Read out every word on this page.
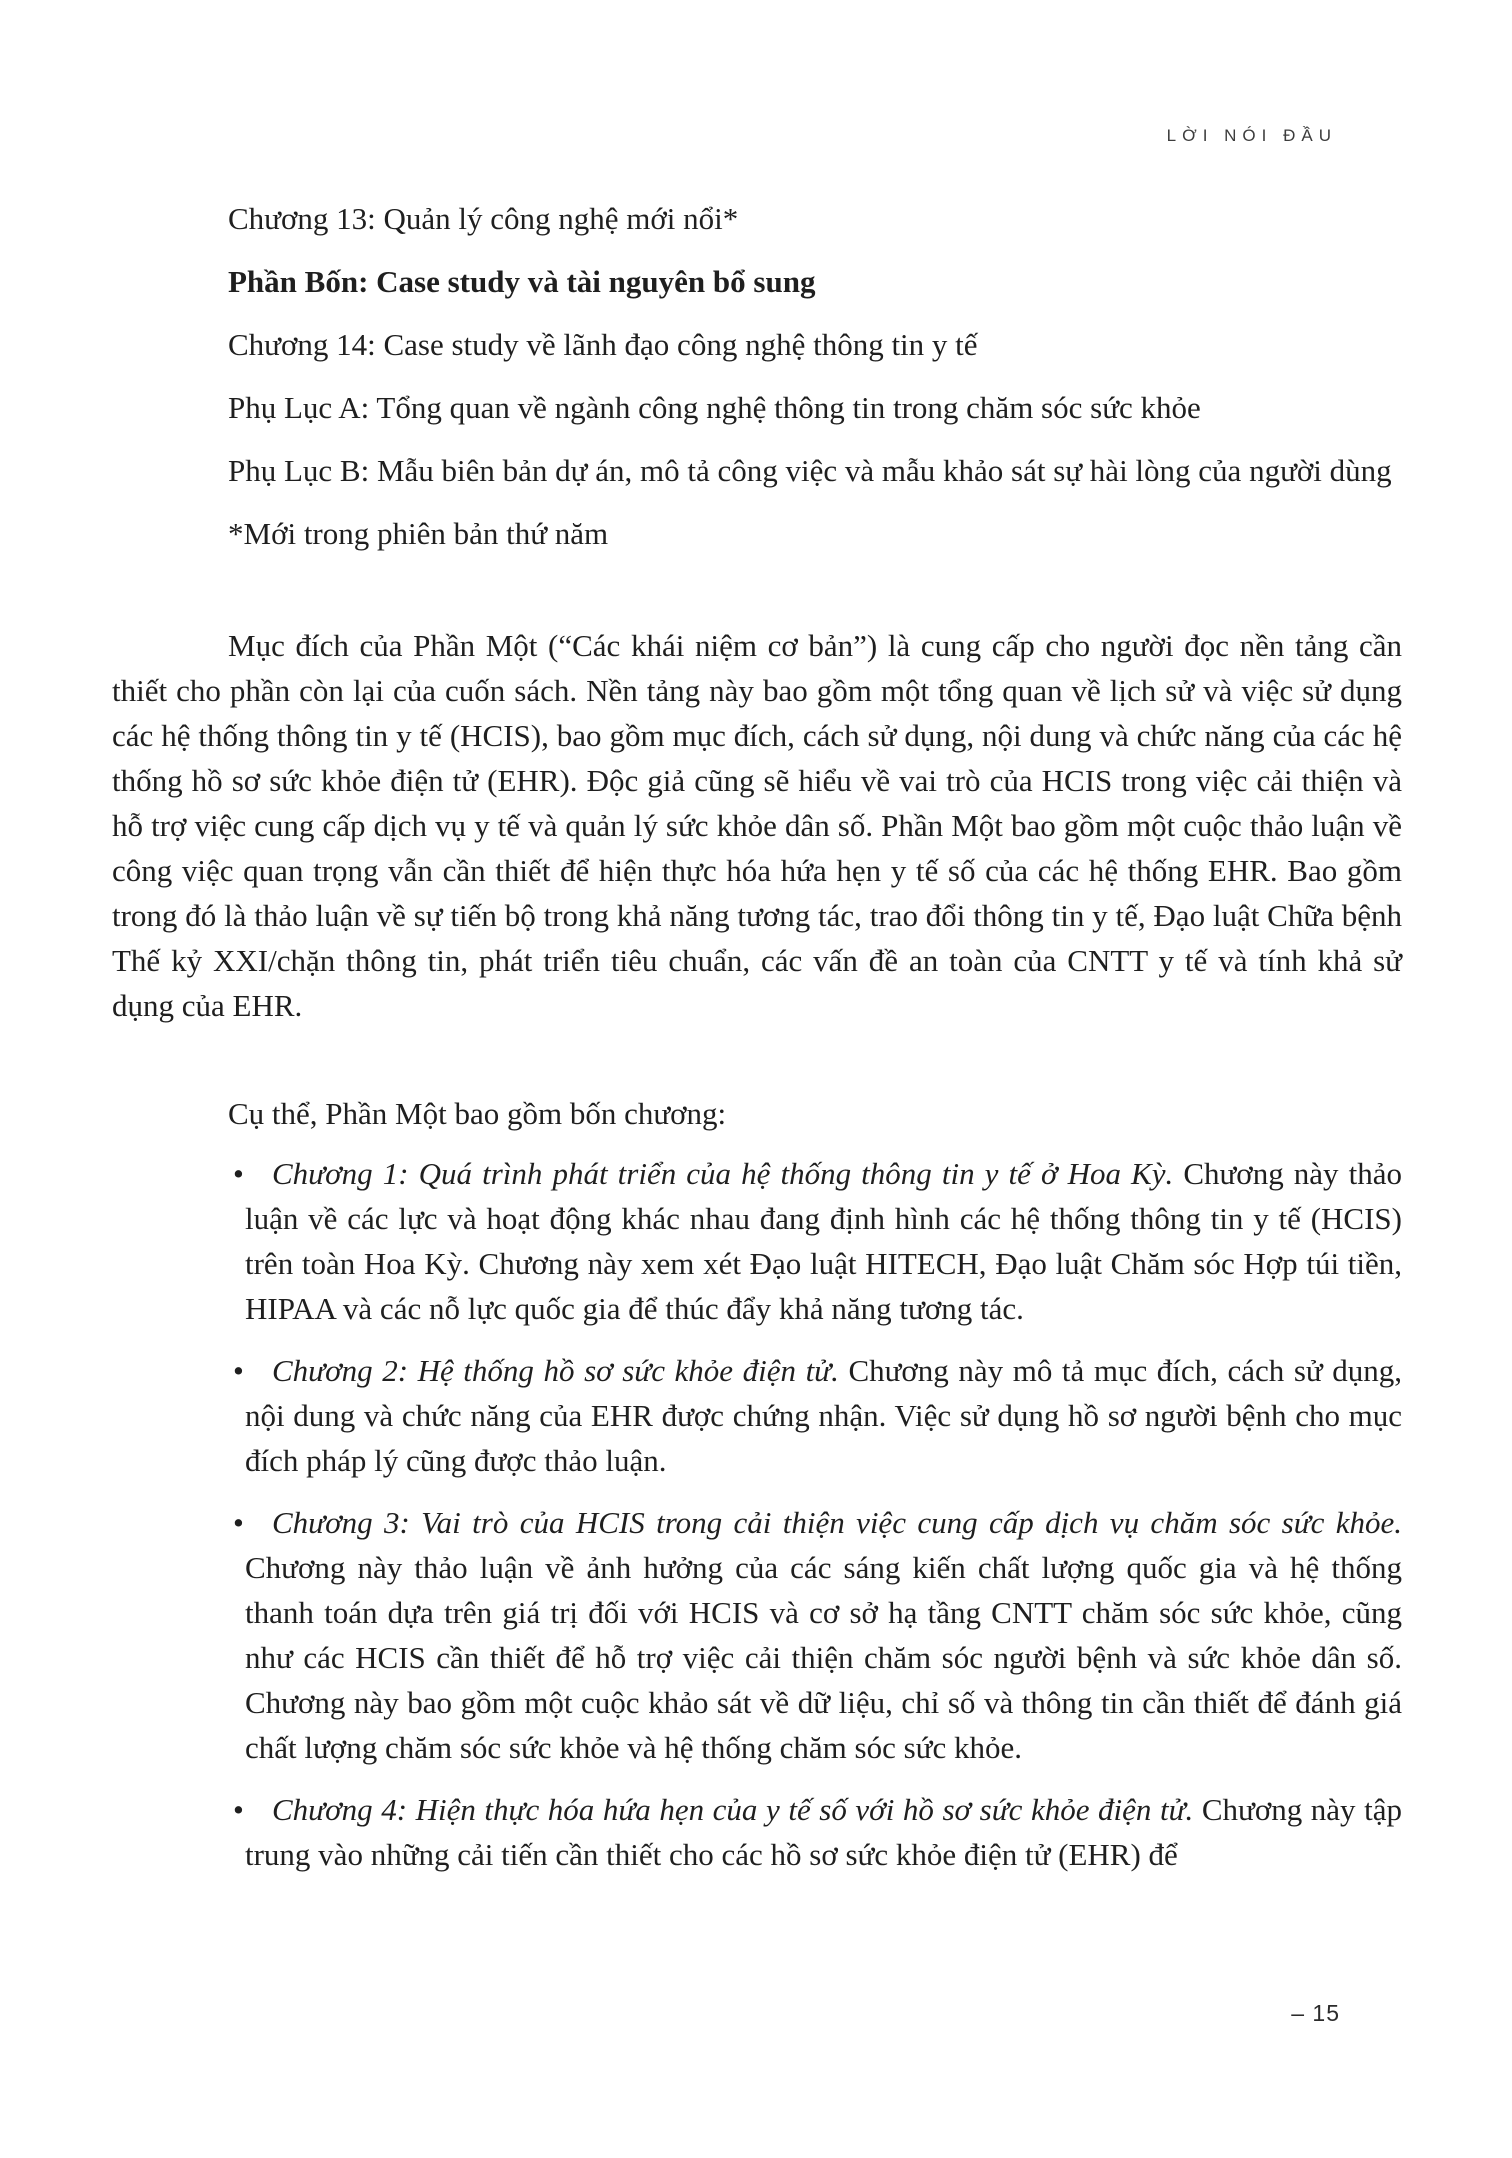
LỜI NÓI ĐẦU

Chương 13: Quản lý công nghệ mới nổi*

Phần Bốn: Case study và tài nguyên bổ sung

Chương 14: Case study về lãnh đạo công nghệ thông tin y tế

Phụ Lục A: Tổng quan về ngành công nghệ thông tin trong chăm sóc sức khỏe

Phụ Lục B: Mẫu biên bản dự án, mô tả công việc và mẫu khảo sát sự hài lòng của người dùng

*Mới trong phiên bản thứ năm

Mục đích của Phần Một (“Các khái niệm cơ bản”) là cung cấp cho người đọc nền tảng cần thiết cho phần còn lại của cuốn sách. Nền tảng này bao gồm một tổng quan về lịch sử và việc sử dụng các hệ thống thông tin y tế (HCIS), bao gồm mục đích, cách sử dụng, nội dung và chức năng của các hệ thống hồ sơ sức khỏe điện tử (EHR). Độc giả cũng sẽ hiểu về vai trò của HCIS trong việc cải thiện và hỗ trợ việc cung cấp dịch vụ y tế và quản lý sức khỏe dân số. Phần Một bao gồm một cuộc thảo luận về công việc quan trọng vẫn cần thiết để hiện thực hóa hứa hẹn y tế số của các hệ thống EHR. Bao gồm trong đó là thảo luận về sự tiến bộ trong khả năng tương tác, trao đổi thông tin y tế, Đạo luật Chữa bệnh Thế kỷ XXI/chặn thông tin, phát triển tiêu chuẩn, các vấn đề an toàn của CNTT y tế và tính khả sử dụng của EHR.

Cụ thể, Phần Một bao gồm bốn chương:

• Chương 1: Quá trình phát triển của hệ thống thông tin y tế ở Hoa Kỳ. Chương này thảo luận về các lực và hoạt động khác nhau đang định hình các hệ thống thông tin y tế (HCIS) trên toàn Hoa Kỳ. Chương này xem xét Đạo luật HITECH, Đạo luật Chăm sóc Hợp túi tiền, HIPAA và các nỗ lực quốc gia để thúc đẩy khả năng tương tác.
• Chương 2: Hệ thống hồ sơ sức khỏe điện tử. Chương này mô tả mục đích, cách sử dụng, nội dung và chức năng của EHR được chứng nhận. Việc sử dụng hồ sơ người bệnh cho mục đích pháp lý cũng được thảo luận.
• Chương 3: Vai trò của HCIS trong cải thiện việc cung cấp dịch vụ chăm sóc sức khỏe. Chương này thảo luận về ảnh hưởng của các sáng kiến chất lượng quốc gia và hệ thống thanh toán dựa trên giá trị đối với HCIS và cơ sở hạ tầng CNTT chăm sóc sức khỏe, cũng như các HCIS cần thiết để hỗ trợ việc cải thiện chăm sóc người bệnh và sức khỏe dân số. Chương này bao gồm một cuộc khảo sát về dữ liệu, chỉ số và thông tin cần thiết để đánh giá chất lượng chăm sóc sức khỏe và hệ thống chăm sóc sức khỏe.
• Chương 4: Hiện thực hóa hứa hẹn của y tế số với hồ sơ sức khỏe điện tử. Chương này tập trung vào những cải tiến cần thiết cho các hồ sơ sức khỏe điện tử (EHR) để
– 15
